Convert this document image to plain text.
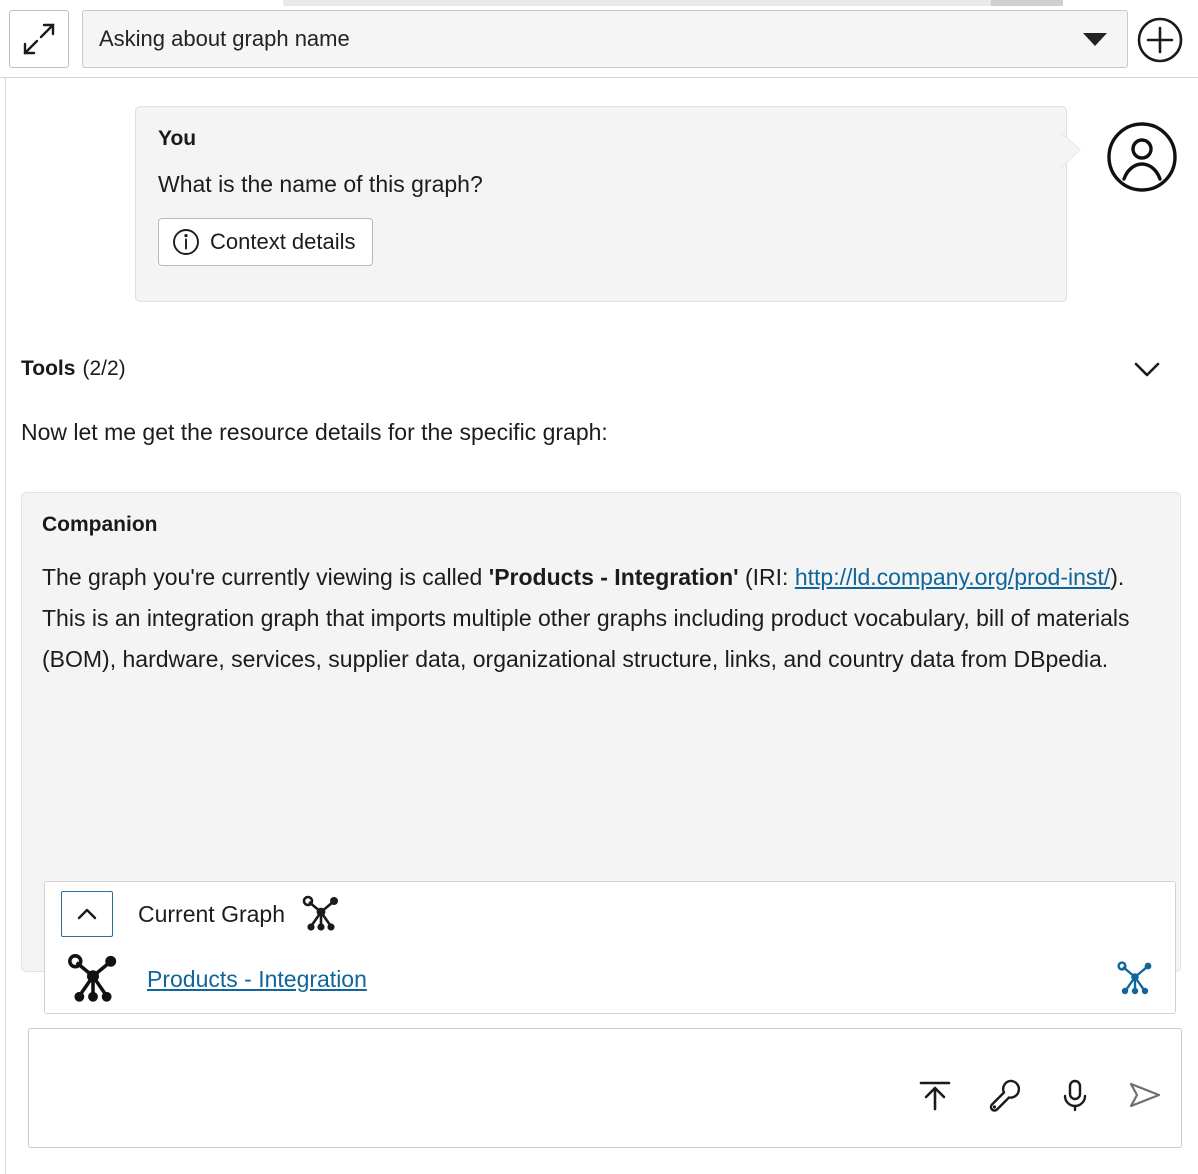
Asking about graph name
You
What is the name of this graph?
Context details
Tools (2/2)
Now let me get the resource details for the specific graph:
Companion
The graph you're currently viewing is called 'Products - Integration' (IRI: http://ld.company.org/prod-inst/). This is an integration graph that imports multiple other graphs including product vocabulary, bill of materials (BOM), hardware, services, supplier data, organizational structure, links, and country data from DBpedia.
Current Graph
Products - Integration
